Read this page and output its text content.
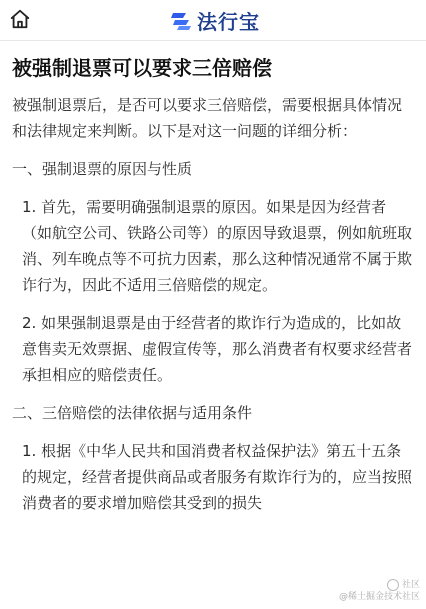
法行宝
被强制退票可以要求三倍赔偿
被强制退票后，是否可以要求三倍赔偿，需要根据具体情况和法律规定来判断。以下是对这一问题的详细分析：
一、强制退票的原因与性质
1. 首先，需要明确强制退票的原因。如果是因为经营者（如航空公司、铁路公司等）的原因导致退票，例如航班取消、列车晚点等不可抗力因素，那么这种情况通常不属于欺诈行为，因此不适用三倍赔偿的规定。
2. 如果强制退票是由于经营者的欺诈行为造成的，比如故意售卖无效票据、虚假宣传等，那么消费者有权要求经营者承担相应的赔偿责任。
二、三倍赔偿的法律依据与适用条件
1. 根据《中华人民共和国消费者权益保护法》第五十五条的规定，经营者提供商品或者服务有欺诈行为的，应当按照消费者的要求增加赔偿其受到的损失
社区
@稀土掘金技术社区
